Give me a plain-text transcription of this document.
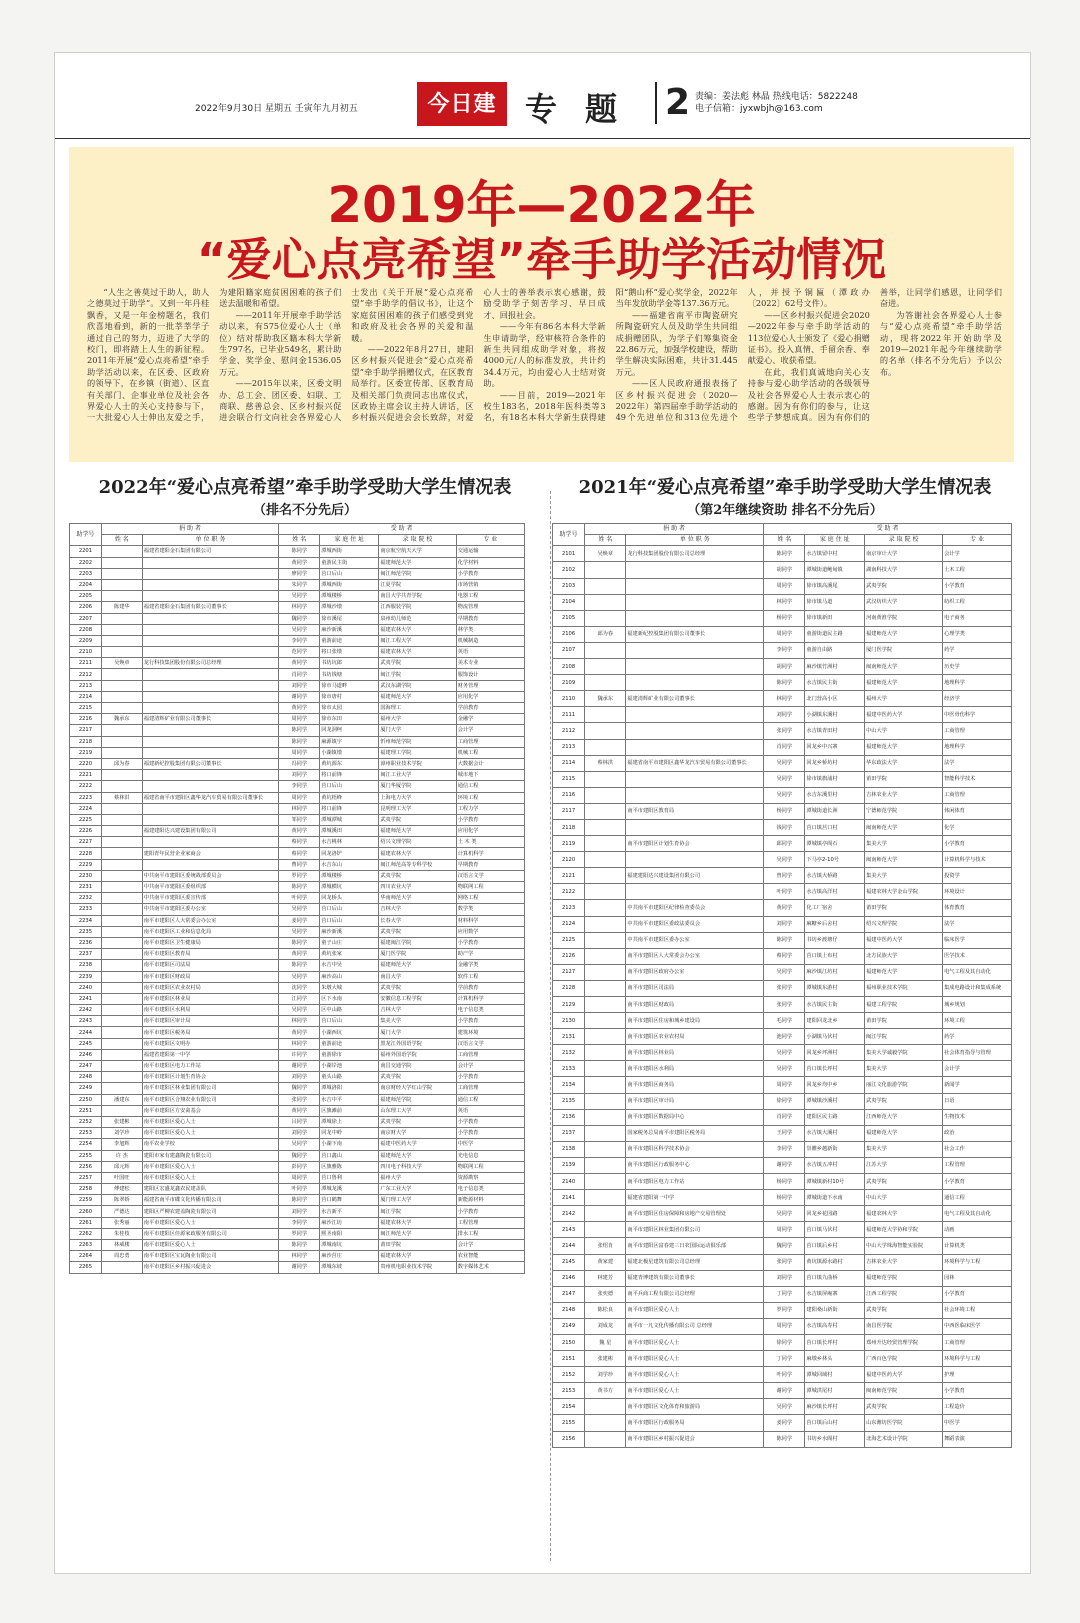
2022年9月30日 星期五 壬寅年九月初五	今日建 专题 2 责编：姜法彪 林晶 热线电话：5822248
电子信箱：jyxwbjh@163.com
2019年—2022年
“爱心点亮希望”牵手助学活动情况

“人生之善莫过于助人，助人之德莫过于助学”。又到一年丹桂飘香，又是一年金榜题名，我们欣喜地看到，新的一批莘莘学子通过自己的努力，迈进了大学的校门，即将踏上人生的新征程。2011年开展“爱心点亮希望”牵手助学活动以来，在区委、区政府的领导下，在乡镇（街道）、区直有关部门、企事业单位及社会各界爱心人士的关心支持参与下，一大批爱心人士伸出友爱之手，为建阳籍家庭贫困困难的孩子们送去温暖和希望。

——2011年开展牵手助学活动以来，有575位爱心人士（单位）结对帮助我区籍本科大学新生797名，已毕业549名，累计助学金、奖学金、慰问金1536.05万元。

——2015年以来，区委文明办、总工会、团区委、妇联、工商联、慈善总会、区乡村振兴促进会联合行文向社会各界爱心人士发出《关于开展“爱心点亮希望”牵手助学的倡议书》，让这个家庭贫困困难的孩子们感受到党和政府及社会各界的关爱和温暖。

——2022年8月27日，建阳区乡村振兴促进会“爱心点亮希望”牵手助学捐赠仪式，在区教育局举行。区委宣传部、区教育局及相关部门负责同志出席仪式，区政协主席会议主持人讲话，区乡村振兴促进会会长致辞，对爱心人士的善举表示衷心感谢，鼓励受助学子刻苦学习、早日成才、回报社会。

——今年有86名本科大学新生申请助学，经审核符合条件的新生共同组成助学对象，将按4000元/人的标准发放，共计约34.4万元，均由爱心人士结对资助。

——目前，2019—2021年校生183名，2018年医科类等3名，有18名本科大学新生获得建阳“鹅山杯”爱心奖学金，2022年当年发放助学金等137.36万元。

——福建省南平市陶瓷研究所陶瓷研究人员及助学生共同组成捐赠团队，为学子们筹集资金22.86万元，加强学校建设，帮助学生解决实际困难，共计31.445万元。

——区人民政府通报表扬了区乡村振兴促进会（2020—2022年）第四届牵手助学活动的49个先进单位和313位先进个人，并授予铜匾（潭政办〔2022〕62号文件）。

——区乡村振兴促进会2020—2022年参与牵手助学活动的113位爱心人士颁发了《爱心捐赠证书》。投入真情、手留余香、奉献爱心、收获希望。

在此，我们真诚地向关心支持参与爱心助学活动的各级领导及社会各界爱心人士表示衷心的感谢。因为有你们的参与，让这些学子梦想成真。因为有你们的善举，让同学们感恩，让同学们奋进。

为答谢社会各界爱心人士参与“爱心点亮希望”牵手助学活动，现将2022年开始助学及2019—2021年起今年继续助学的名单（排名不分先后）予以公布。

2022年“爱心点亮希望”牵手助学受助大学生情况表
（排名不分先后）
助学号	捐 助 者		受 助 者			
	姓 名	单 位 职 务	姓 名	家 庭 住 址	录 取 院 校	专 业
2201		福建省建阳金石集团有限公司	陈同学	潭城西街	南京航空航天大学	交通运输
2202			黄同学	童游民主街	福建师范大学	化学材料
2203			廖同学	莒口后山	闽江师范学院	小学教育
2204			朱同学	潭城西街	江夏学院	市场营销
2205			吴同学	潭城楼桥	南昌大学共青学院	电器工程
2206	陈建华	福建省建阳金石集团有限公司董事长	林同学	潭城沙墩	江西服装学院	物流管理
2207			魏同学	徐市溪尾	泉州幼儿师范	早期教育
2208			吴同学	麻沙新溪	福建农林大学	林学类
2209			李同学	童游前途	闽江工程大学	机械制造
2210			范同学	将口张墩	福建农林大学	英语
2211	吴焕章	龙行科技集团股份有限公司总经理	黄同学	书坊坑郎	武夷学院	美术专业
2212			肖同学	书坊钱塘	闽江学院	服饰设计
2213			刘同学	徐市马道畔	武汉东湖学院	财务管理
2214			谢同学	徐市唐村	福建师范大学	应用化学
2215			黄同学	徐市太园	国海理工	学前教育
2216	魏承东	福建清辉矿业有限公司董事长	周同学	徐市东田	福州大学	金融学
2217			陈同学	回龙洞柯	厦门大学	会计学
2218			陈同学	麻源镇宇	忻州师范学院	工商管理
2219			周同学	小湖镇墩	福建理工学院	机械工程
2220	邱为春	福建新纪控股集团有限公司董事长	冯同学	黄坑源东	漳州职业技术学院	大数据会计
2221			刘同学	将口前锋	闽江工业大学	城市地下
2222			李同学	莒口后山	厦门华厦学院	通信工程
2223	蔡林洪	福建省南平市建阳区鑫华龙汽车贸易有限公司董事长	周同学	黄坑梧峰	上海电力大学	环境工程
2224			林同学	将口前锋	昆明理工大学	工程力学
2225			邹同学	潭城潭城	武夷学院	小学教育
2226		福建建阳达兴建设集团有限公司	黄同学	潭城溪田	福建师范大学	应用化学
2227			蔡同学	水吉桃林	绍兴文理学院	土 木 类
2228		建阳青年民营企业家商会	蔡同学	回龙洛铲	福建农林大学	计算机科学
2229			曹同学	水吉东山	闽江师范高等专科学校	早期教育
2230		中共南平市建阳区委统战部委员会	罗同学	潭城楼桥	武夷学院	汉语言文学
2231		中共南平市建阳区委组织部	陈同学	潭城横坑	四川农业大学	物联网工程
2232		中共南平市建阳区委宣传部	叶同学	回龙桥头	华南师范大学	网络工程
2233		中共南平市建阳区委办公室	吴同学	莒口后山	吉林大学	数学类
2234		南平市建阳区人大常委会办公室	姜同学	莒口后山	长春大学	材料科学
2235		南平市建阳区工业和信息化局	吴同学	麻沙新溪	武夷学院	应用数学
2236		南平市建阳区卫生健康局	陈同学	童子山庄	福建闽江学院	小学教育
2237		南平市建阳区教育局	黄同学	黄坑张家	厦门医学院	助产学
2238		南平市建阳区司法局	陈同学	水吉中吴	福建师范大学	金融学类
2239		南平市建阳区财政局	吴同学	麻沙高山	南昌大学	软件工程
2240		南平市建阳区农业农村局	沈同学	朱墩大城	武夷学院	学前教育
2241		南平市建阳区林业局	江同学	区下水南	安徽信息工程学院	计算机科学
2242		南平市建阳区水利局	吴同学	区中山路	吉林大学	电子信息类
2243		南平市建阳区审计局	林同学	莒口后山	集美大学	小学教育
2244		南平市建阳区税务局	黄同学	小湖西坑	厦门大学	建筑环境
2245		南平市建阳区文明办	林同学	童游前途	黑龙江外国语学院	汉语言文学
2246		福建省建阳第一中学	许同学	童游徐市	福州外国语学院	工商管理
2247		南平市建阳区电力工作站	谢同学	小湖岸池	南昌交通学院	会计学
2248		南平市建阳区计划生育协会	刘同学	童头山路	武夷学院	小学教育
2249		南平市建阳区林业集团有限公司	魏同学	潭城洛阳	南京财经大学红山学院	工商管理
2250	潘建东	南平市建阳区合翔农业有限公司	张同学	水吉中平	福建师范学院	通信工程
2251		南平市建阳区方安禽基会	黄同学	区旗滩前	山东理工大学	英语
2252	张建彬	南平市建阳区爱心人士	吕同学	潭城徐上	武夷学院	小学教育
2253	刘学珍	南平市建阳区爱心人士	刘同学	回龙中岭	南京财大学	小学教育
2254	李旭辉	南平农业学校	吴同学	小湖下南	福建中医药大学	中医学
2255	许 杰	建阳市家有建鑫陶瓷有限公司	魏同学	莒口鑫山	福建师范大学	光电信息
2256	邱元辉	南平市建阳区爱心人士	彭同学	区旗雅陈	四川电子科技大学	物联网工程
2257	叶国旺	南平市建阳区爱心人士	周同学	莒口鲁利	福州大学	资源勘察
2258	傅建松	建阳区宏盛龙鑫农民建盖队	叶同学	潭城龙溪	广东工业大学	电子信息类
2259	陈翠娇	福建省南平市碟文化传播有限公司	陈同学	莒口鹤舞	厦门理工大学	新能源材料
2260	严德达	建阳区严柳农建盖陶瓷有限公司	刘同学	水吉新平	闽江学院	小学教育
2261	张秀丽	南平市建阳区爱心人士	李同学	麻沙江坊	福建农林大学	工程管理
2262	朱桂枝	南平市建阳区佳源家政服务有限公司	罗同学	熙圣南阳	闽江师范大学	排水工程
2263	林威楼	南平市建阳区爱心人士	陈同学	潭城南坑	莆田学院	会计学
2264	周忠勇	南平市建阳区宝瓦陶业有限公司	林同学	麻沙莒庄	福建农林大学	农业智能
2265		南平市建阳区乡村振兴促进会	谢同学	潭城东坡	贵州机电职业技术学院	数字媒体艺术
2021年“爱心点亮希望”牵手助学受助大学生情况表
（第2年继续资助 排名不分先后）
助学号	捐 助 者		受 助 者			
	姓 名	单 位 职 务	姓 名	家 庭 住 址	录 取 院 校	专 业
2101	吴焕章	龙行科技集团股份有限公司总经理	陈同学	水吉镇留中村	南京审计大学	会计学
2102			胡同学	潭城街道鲍甸镇	湖南科技大学	土木工程
2103			周同学	徐市镇高溪尾	武夷学院	小学教育
2104			林同学	徐市镇马道	武汉纺织大学	纺织工程
2105			杨同学	徐市镇新田	河南黄淮学院	电子商务
2106	邱为春	福建新纪控股集团有限公司董事长	周同学	童游街道民主路	福建师范大学	心理学类
2107			李同学	童游自由路	厦门医学院	药学
2108			胡同学	麻沙镇竹洲村	闽南师范大学	历史学
2109			陈同学	水吉镇民主街	福建师范大学	地理科学
2110	魏承东	福建清辉矿业有限公司董事长	林同学	北门营高小区	福州大学	经济学
2111			刘同学	小湖镇东溪村	福建中医药大学	中医骨伤科学
2112			张同学	水吉镇青田村	中山大学	工商管理
2113			肖同学	回龙乡中兴寨	福建师范大学	地理科学
2114	蔡林洪	福建省南平市建阳区鑫华龙汽车贸易有限公司董事长	吴同学	回龙乡桥坊村	华东政法大学	法学
2115			吴同学	徐市镇旗浦村	莆田学院	智能科学技术
2116			吴同学	水吉东溪里村	吉林农业大学	工商管理
2117		南平市建阳区教育局	杨同学	潭城街道长洲	宁德师范学院	休闲体育
2118			钱同学	莒口镇莒口村	闽南师范大学	化学
2119		南平市建阳区计划生育协会	邱同学	潭城镇亭阁石	集美大学	小学教育
2120			吴同学	下马亭2-10号	闽南师范大学	计算机科学与技术
2121		福建建阳达兴建设集团有限公司	曾同学	水吉镇大桥路	集美大学	投资学
2122			叶同学	水吉镇高洋村	福建农林大学金山学院	环境设计
2123		中共南平市建阳区纪律检查委员会	黄同学	化工厂宿舍	莆田学院	体育教育
2124		中共南平市建阳区委政法委员会	刘同学	麻糖乡后舍村	绍兴文理学院	法学
2125		中共南平市建阳区委办公室	陈同学	书坊乡渡塘仔	福建中医药大学	临床医学
2126		南平市建阳区人大常委会办公室	蔡同学	莒口镇上布村	北方民族大学	医学技术
2127		南平市建阳区政府办公室	吴同学	麻沙镇江坊村	福建师范大学	电气工程及其自动化
2128		南平市建阳区司法局	张同学	潭城镇东游村	福州职业技术学院	集成电路设计和集成系统
2129		南平市建阳区财政局	张同学	水吉镇民主街	福建工程学院	城乡规划
2130		南平市建阳区住房和城乡建设局	毛同学	建阳回龙北乡	莆田学院	环境工程
2131		南平市建阳区农业农村局	池同学	小湖镇马伏村	闽江学院	药学
2132		南平市建阳区林业局	吴同学	回龙乡坪洲村	集美大学诚毅学院	社会体育指导与管理
2133		南平市建阳区水利局	吴同学	莒口镇长坪村	集美大学	会计学
2134		南平市建阳区商务局	周同学	回龙乡均中乡	丽江文化旅游学院	新闻学
2135		南平市建阳区审计局	徐同学	潭城镇沙溪村	武夷学院	日语
2136		南平市建阳区数据局中心	肖同学	建阳区民主路	江西师范大学	生物技术
2137		国家税务总局南平市建阳区税务局	王同学	水吉镇大溪村	福建师范大学	政治
2138		南平市建阳区科学技术协会	李同学	崇雒乡越新街	集美大学	社会工作
2139		南平市建阳区行政服务中心	谢同学	水吉镇五冲村	江苏大学	工程管理
2140		南平市建阳区电力工作站	杨同学	潭城镇新村10号	武夷学院	小学教育
2141		福建省建阳第一中学	杨同学	潭城街道下水南	中山大学	通信工程
2142		南平市建阳区住房保障和房地产交易管理处	吴同学	回龙乡花园路	福建农林大学	电气工程及其自动化
2143		南平市建阳区林业集团有限公司	周同学	莒口镇马伏村	福建师范大学协和学院	动画
2144	张绍肯	南平市建阳区富春建三日农国际运动俱乐部	魏同学	莒口镇后乡村	中山大学珠海智能实验院	计算机类
2145	黄家建	福建北极星建筑有限公司总经理	张同学	黄坑镇源水路村	吉林农业大学	环境科学与工程
2146	林建芳	福建青博建筑有限公司董事长	刘同学	莒口镇九曲桥	福建师范学院	园林
2147	张奕德	南平兵商工程有限公司总经理	丁同学	水吉镇屏庵寨	江西工程学院	小学教育
2148	陈松良	南平市建阳区爱心人士	罗同学	建阳桑山新街	武夷学院	社会环境工程
2149	刘成龙	南平市一凡文化传播有限公司 总经理	周同学	水吉镇高寿村	南昌医学院	中西医临床医学
2150	魏 星	南平市建阳区爱心人士	徐同学	莒口镇长坪村	郑州升达经贸管理学院	工商管理
2151	张建彬	南平市建阳区爱心人士	丁同学	麻墩乡林头	广西百色学院	环境科学与工程
2152	刘学珍	南平市建阳区爱心人士	叶同学	潭城回域村	福建中医药大学	护理
2153	黄书方	南平市建阳区爱心人士	谢同学	潭城洪尾村	闽南师范学院	小学教育
2154		南平市建阳区文化体育和旅游局	吴同学	麻沙镇长坪村	武夷学院	工程造价
2155		南平市建阳区行政服务局	姜同学	莒口镇后山村	山东潍坊医学院	中医学
2156		南平市建阳区乡村振兴促进会	陈同学	书坊乡水阁村	北海艺术设计学院	舞蹈表演
